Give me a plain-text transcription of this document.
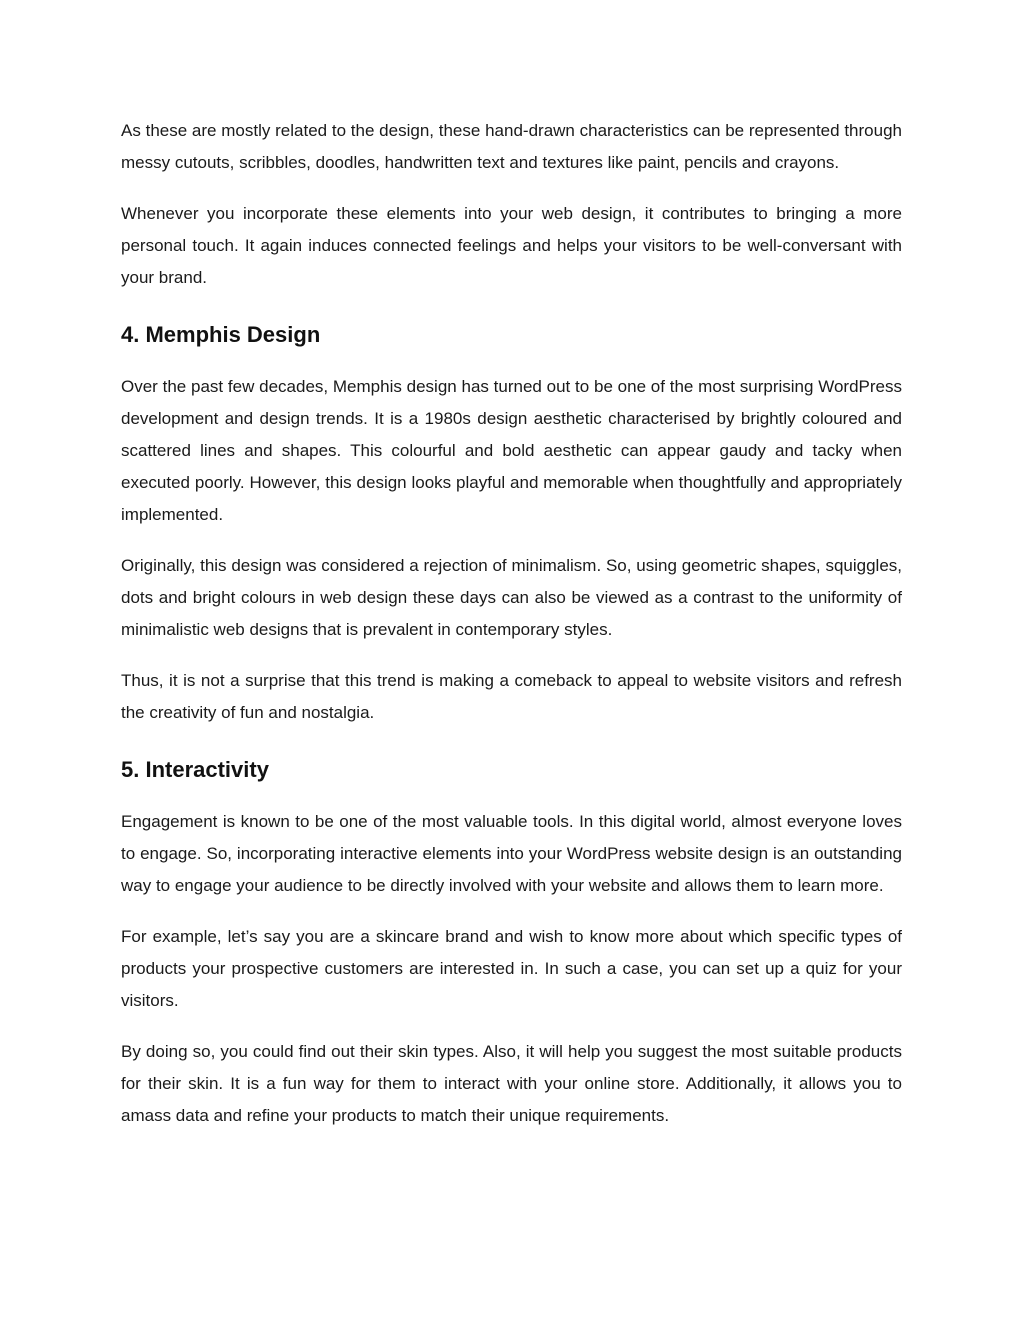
As these are mostly related to the design, these hand-drawn characteristics can be represented through messy cutouts, scribbles, doodles, handwritten text and textures like paint, pencils and crayons.

Whenever you incorporate these elements into your web design, it contributes to bringing a more personal touch. It again induces connected feelings and helps your visitors to be well-conversant with your brand.

4. Memphis Design

Over the past few decades, Memphis design has turned out to be one of the most surprising WordPress development and design trends. It is a 1980s design aesthetic characterised by brightly coloured and scattered lines and shapes. This colourful and bold aesthetic can appear gaudy and tacky when executed poorly. However, this design looks playful and memorable when thoughtfully and appropriately implemented.

Originally, this design was considered a rejection of minimalism. So, using geometric shapes, squiggles, dots and bright colours in web design these days can also be viewed as a contrast to the uniformity of minimalistic web designs that is prevalent in contemporary styles.

Thus, it is not a surprise that this trend is making a comeback to appeal to website visitors and refresh the creativity of fun and nostalgia.

5. Interactivity

Engagement is known to be one of the most valuable tools. In this digital world, almost everyone loves to engage. So, incorporating interactive elements into your WordPress website design is an outstanding way to engage your audience to be directly involved with your website and allows them to learn more.

For example, let’s say you are a skincare brand and wish to know more about which specific types of products your prospective customers are interested in. In such a case, you can set up a quiz for your visitors.

By doing so, you could find out their skin types. Also, it will help you suggest the most suitable products for their skin. It is a fun way for them to interact with your online store. Additionally, it allows you to amass data and refine your products to match their unique requirements.
